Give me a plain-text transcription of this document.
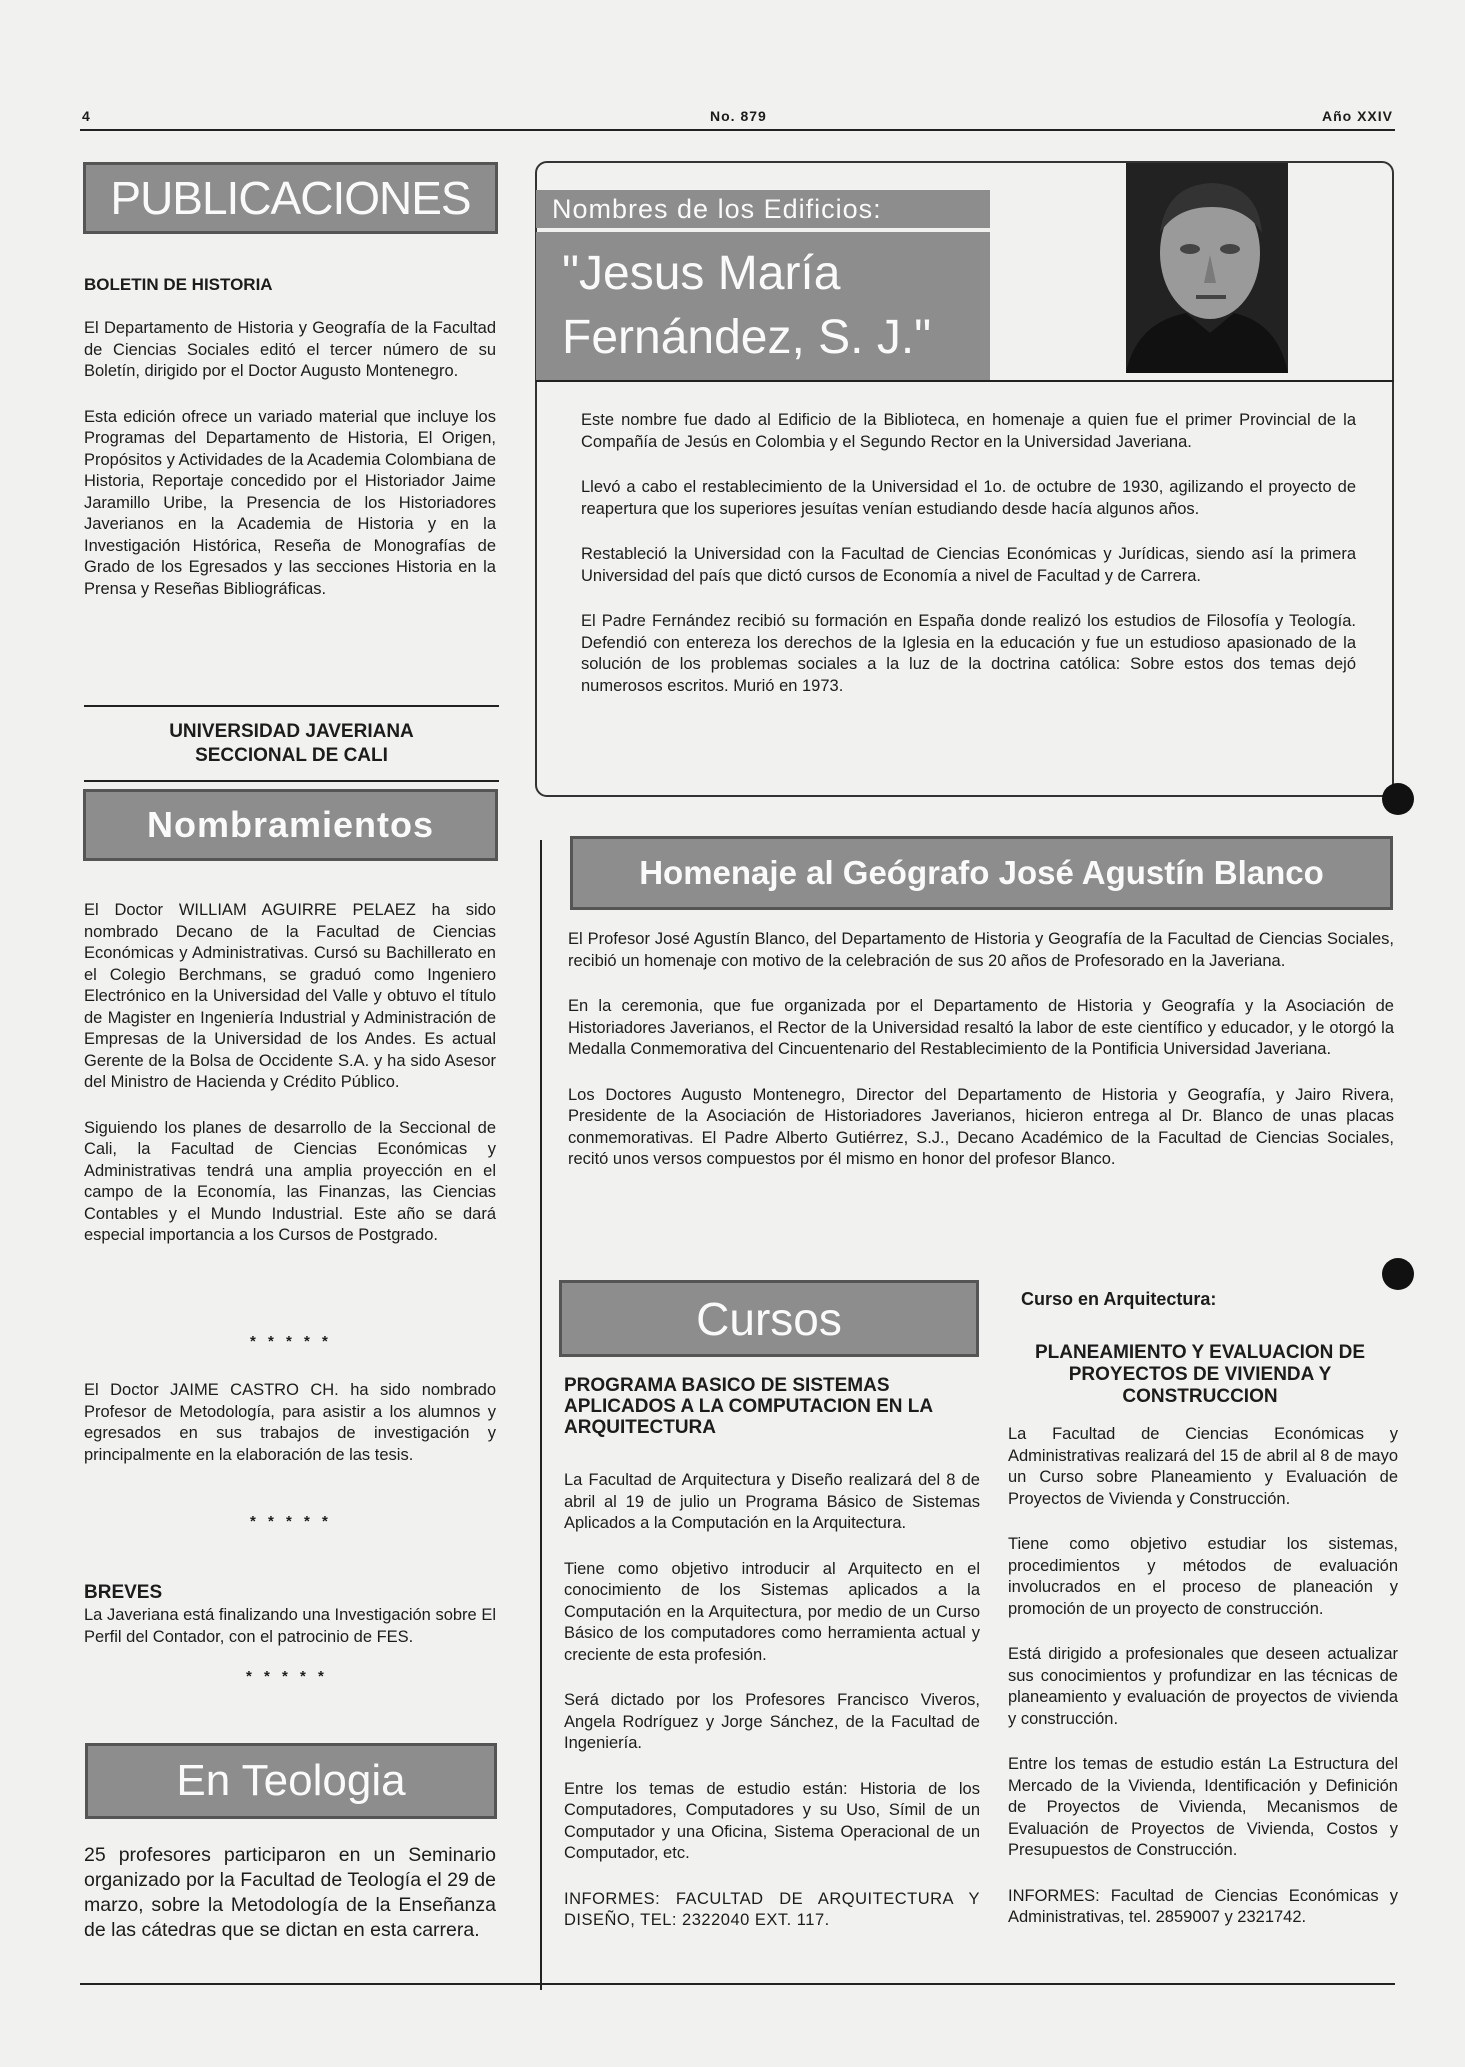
4	No. 879	Año XXIV
PUBLICACIONES
BOLETIN DE HISTORIA

El Departamento de Historia y Geografía de la Facultad de Ciencias Sociales editó el tercer número de su Boletín, dirigido por el Doctor Augusto Montenegro.

Esta edición ofrece un variado material que incluye los Programas del Departamento de Historia, El Origen, Propósitos y Actividades de la Academia Colombiana de Historia, Reportaje concedido por el Historiador Jaime Jaramillo Uribe, la Presencia de los Historiadores Javerianos en la Academia de Historia y en la Investigación Histórica, Reseña de Monografías de Grado de los Egresados y las secciones Historia en la Prensa y Reseñas Bibliográficas.

UNIVERSIDAD JAVERIANA
SECCIONAL DE CALI
Nombramientos

El Doctor WILLIAM AGUIRRE PELAEZ ha sido nombrado Decano de la Facultad de Ciencias Económicas y Administrativas. Cursó su Bachillerato en el Colegio Berchmans, se graduó como Ingeniero Electrónico en la Universidad del Valle y obtuvo el título de Magister en Ingeniería Industrial y Administración de Empresas de la Universidad de los Andes. Es actual Gerente de la Bolsa de Occidente S.A. y ha sido Asesor del Ministro de Hacienda y Crédito Público.

Siguiendo los planes de desarrollo de la Seccional de Cali, la Facultad de Ciencias Económicas y Administrativas tendrá una amplia proyección en el campo de la Economía, las Finanzas, las Ciencias Contables y el Mundo Industrial. Este año se dará especial importancia a los Cursos de Postgrado.

* * * * *

El Doctor JAIME CASTRO CH. ha sido nombrado Profesor de Metodología, para asistir a los alumnos y egresados en sus trabajos de investigación y principalmente en la elaboración de las tesis.

* * * * *
BREVES

La Javeriana está finalizando una Investigación sobre El Perfil del Contador, con el patrocinio de FES.

* * * * *
En Teologia

25 profesores participaron en un Seminario organizado por la Facultad de Teología el 29 de marzo, sobre la Metodología de la Enseñanza de las cátedras que se dictan en esta carrera.

Nombres de los Edificios:
"Jesus María
Fernández, S. J."

Este nombre fue dado al Edificio de la Biblioteca, en homenaje a quien fue el primer Provincial de la Compañía de Jesús en Colombia y el Segundo Rector en la Universidad Javeriana.

Llevó a cabo el restablecimiento de la Universidad el 1o. de octubre de 1930, agilizando el proyecto de reapertura que los superiores jesuítas venían estudiando desde hacía algunos años.

Restableció la Universidad con la Facultad de Ciencias Económicas y Jurídicas, siendo así la primera Universidad del país que dictó cursos de Economía a nivel de Facultad y de Carrera.

El Padre Fernández recibió su formación en España donde realizó los estudios de Filosofía y Teología. Defendió con entereza los derechos de la Iglesia en la educación y fue un estudioso apasionado de la solución de los problemas sociales a la luz de la doctrina católica: Sobre estos dos temas dejó numerosos escritos. Murió en 1973.

Homenaje al Geógrafo José Agustín Blanco

El Profesor José Agustín Blanco, del Departamento de Historia y Geografía de la Facultad de Ciencias Sociales, recibió un homenaje con motivo de la celebración de sus 20 años de Profesorado en la Javeriana.

En la ceremonia, que fue organizada por el Departamento de Historia y Geografía y la Asociación de Historiadores Javerianos, el Rector de la Universidad resaltó la labor de este científico y educador, y le otorgó la Medalla Conmemorativa del Cincuentenario del Restablecimiento de la Pontificia Universidad Javeriana.

Los Doctores Augusto Montenegro, Director del Departamento de Historia y Geografía, y Jairo Rivera, Presidente de la Asociación de Historiadores Javerianos, hicieron entrega al Dr. Blanco de unas placas conmemorativas. El Padre Alberto Gutiérrez, S.J., Decano Académico de la Facultad de Ciencias Sociales, recitó unos versos compuestos por él mismo en honor del profesor Blanco.

Cursos
PROGRAMA BASICO DE SISTEMAS APLICADOS A LA COMPUTACION EN LA ARQUITECTURA

La Facultad de Arquitectura y Diseño realizará del 8 de abril al 19 de julio un Programa Básico de Sistemas Aplicados a la Computación en la Arquitectura.

Tiene como objetivo introducir al Arquitecto en el conocimiento de los Sistemas aplicados a la Computación en la Arquitectura, por medio de un Curso Básico de los computadores como herramienta actual y creciente de esta profesión.

Será dictado por los Profesores Francisco Viveros, Angela Rodríguez y Jorge Sánchez, de la Facultad de Ingeniería.

Entre los temas de estudio están: Historia de los Computadores, Computadores y su Uso, Símil de un Computador y una Oficina, Sistema Operacional de un Computador, etc.

INFORMES: FACULTAD DE ARQUITECTURA Y DISEÑO, TEL: 2322040 EXT. 117.

Curso en Arquitectura:
PLANEAMIENTO Y EVALUACION DE PROYECTOS DE VIVIENDA Y CONSTRUCCION

La Facultad de Ciencias Económicas y Administrativas realizará del 15 de abril al 8 de mayo un Curso sobre Planeamiento y Evaluación de Proyectos de Vivienda y Construcción.

Tiene como objetivo estudiar los sistemas, procedimientos y métodos de evaluación involucrados en el proceso de planeación y promoción de un proyecto de construcción.

Está dirigido a profesionales que deseen actualizar sus conocimientos y profundizar en las técnicas de planeamiento y evaluación de proyectos de vivienda y construcción.

Entre los temas de estudio están La Estructura del Mercado de la Vivienda, Identificación y Definición de Proyectos de Vivienda, Mecanismos de Evaluación de Proyectos de Vivienda, Costos y Presupuestos de Construcción.

INFORMES: Facultad de Ciencias Económicas y Administrativas, tel. 2859007 y 2321742.
